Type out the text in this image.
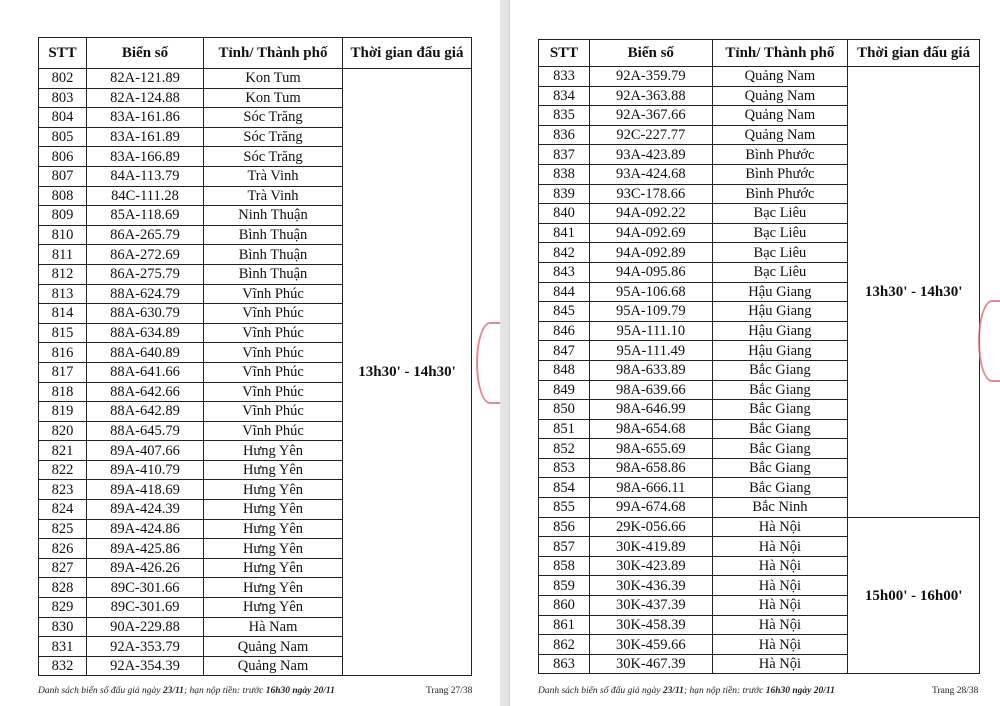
STT	Biển số	Tỉnh/ Thành phố	Thời gian đấu giá
802	82A-121.89	Kon Tum	13h30' - 14h30'
803	82A-124.88	Kon Tum	
804	83A-161.86	Sóc Trăng	
805	83A-161.89	Sóc Trăng	
806	83A-166.89	Sóc Trăng	
807	84A-113.79	Trà Vinh	
808	84C-111.28	Trà Vinh	
809	85A-118.69	Ninh Thuận	
810	86A-265.79	Bình Thuận	
811	86A-272.69	Bình Thuận	
812	86A-275.79	Bình Thuận	
813	88A-624.79	Vĩnh Phúc	
814	88A-630.79	Vĩnh Phúc	
815	88A-634.89	Vĩnh Phúc	
816	88A-640.89	Vĩnh Phúc	
817	88A-641.66	Vĩnh Phúc	
818	88A-642.66	Vĩnh Phúc	
819	88A-642.89	Vĩnh Phúc	
820	88A-645.79	Vĩnh Phúc	
821	89A-407.66	Hưng Yên	
822	89A-410.79	Hưng Yên	
823	89A-418.69	Hưng Yên	
824	89A-424.39	Hưng Yên	
825	89A-424.86	Hưng Yên	
826	89A-425.86	Hưng Yên	
827	89A-426.26	Hưng Yên	
828	89C-301.66	Hưng Yên	
829	89C-301.69	Hưng Yên	
830	90A-229.88	Hà Nam	
831	92A-353.79	Quảng Nam	
832	92A-354.39	Quảng Nam	
Danh sách biển số đấu giá ngày 23/11; hạn nộp tiền: trước 16h30 ngày 20/11	Trang 27/38

STT	Biển số	Tỉnh/ Thành phố	Thời gian đấu giá
833	92A-359.79	Quảng Nam	13h30' - 14h30'
834	92A-363.88	Quảng Nam	
835	92A-367.66	Quảng Nam	
836	92C-227.77	Quảng Nam	
837	93A-423.89	Bình Phước	
838	93A-424.68	Bình Phước	
839	93C-178.66	Bình Phước	
840	94A-092.22	Bạc Liêu	
841	94A-092.69	Bạc Liêu	
842	94A-092.89	Bạc Liêu	
843	94A-095.86	Bạc Liêu	
844	95A-106.68	Hậu Giang	
845	95A-109.79	Hậu Giang	
846	95A-111.10	Hậu Giang	
847	95A-111.49	Hậu Giang	
848	98A-633.89	Bắc Giang	
849	98A-639.66	Bắc Giang	
850	98A-646.99	Bắc Giang	
851	98A-654.68	Bắc Giang	
852	98A-655.69	Bắc Giang	
853	98A-658.86	Bắc Giang	
854	98A-666.11	Bắc Giang	
855	99A-674.68	Bắc Ninh	
856	29K-056.66	Hà Nội	15h00' - 16h00'
857	30K-419.89	Hà Nội	
858	30K-423.89	Hà Nội	
859	30K-436.39	Hà Nội	
860	30K-437.39	Hà Nội	
861	30K-458.39	Hà Nội	
862	30K-459.66	Hà Nội	
863	30K-467.39	Hà Nội	
Danh sách biển số đấu giá ngày 23/11; hạn nộp tiền: trước 16h30 ngày 20/11	Trang 28/38
